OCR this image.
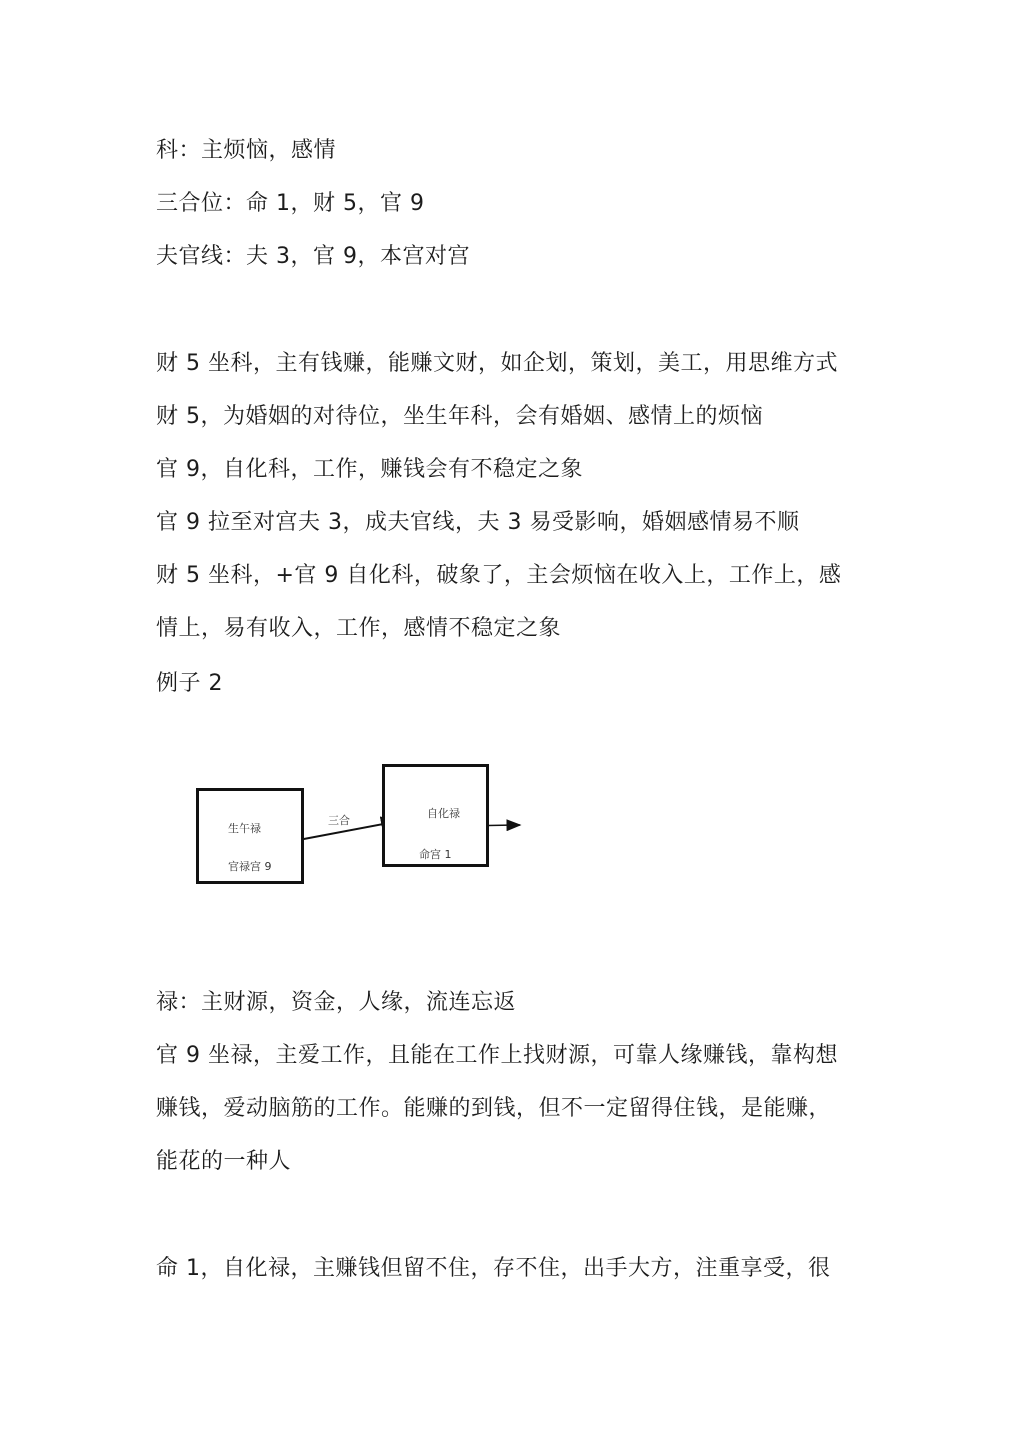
科：主烦恼，感情
三合位：命 1，财 5，官 9
夫官线：夫 3，官 9，本宫对宫
财 5 坐科，主有钱赚，能赚文财，如企划，策划，美工，用思维方式
财 5，为婚姻的对待位，坐生年科，会有婚姻、感情上的烦恼
官 9，自化科，工作，赚钱会有不稳定之象
官 9 拉至对宫夫 3，成夫官线，夫 3 易受影响，婚姻感情易不顺
财 5 坐科，+官 9 自化科，破象了，主会烦恼在收入上，工作上，感
情上，易有收入，工作，感情不稳定之象
例子 2
生午禄
官禄宫 9
三合
自化禄
命宫 1
禄：主财源，资金，人缘，流连忘返
官 9 坐禄，主爱工作，且能在工作上找财源，可靠人缘赚钱，靠构想
赚钱，爱动脑筋的工作。能赚的到钱，但不一定留得住钱，是能赚，
能花的一种人
命 1，自化禄，主赚钱但留不住，存不住，出手大方，注重享受，很
